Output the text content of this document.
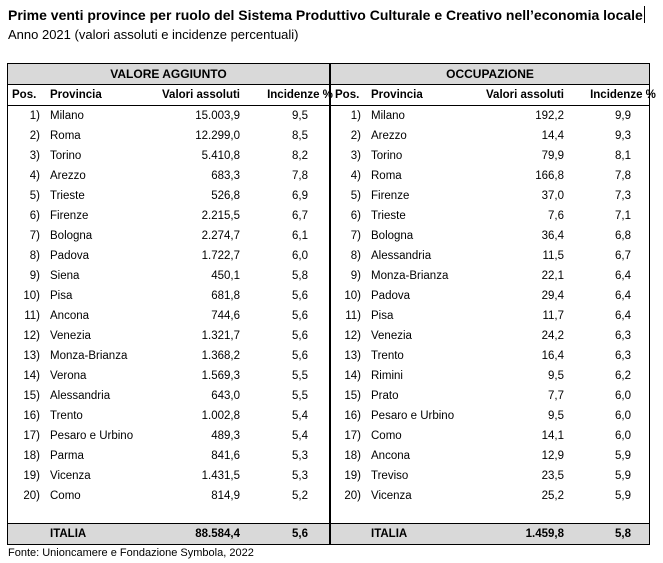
Prime venti province per ruolo del Sistema Produttivo Culturale e Creativo nell’economia locale
Anno 2021 (valori assoluti e incidenze percentuali)
VALORE AGGIUNTO
Pos. Provincia	Valori assoluti	Incidenze %
1) Milano	15.003,9	9,5
2) Roma	12.299,0	8,5
3) Torino	5.410,8	8,2
4) Arezzo	683,3	7,8
5) Trieste	526,8	6,9
6) Firenze	2.215,5	6,7
7) Bologna	2.274,7	6,1
8) Padova	1.722,7	6,0
9) Siena	450,1	5,8
10) Pisa	681,8	5,6
11) Ancona	744,6	5,6
12) Venezia	1.321,7	5,6
13) Monza-Brianza	1.368,2	5,6
14) Verona	1.569,3	5,5
15) Alessandria	643,0	5,5
16) Trento	1.002,8	5,4
17) Pesaro e Urbino	489,3	5,4
18) Parma	841,6	5,3
19) Vicenza	1.431,5	5,3
20) Como	814,9	5,2
ITALIA	88.584,4	5,6
OCCUPAZIONE
Pos. Provincia	Valori assoluti	Incidenze %
1) Milano	192,2	9,9
2) Arezzo	14,4	9,3
3) Torino	79,9	8,1
4) Roma	166,8	7,8
5) Firenze	37,0	7,3
6) Trieste	7,6	7,1
7) Bologna	36,4	6,8
8) Alessandria	11,5	6,7
9) Monza-Brianza	22,1	6,4
10) Padova	29,4	6,4
11) Pisa	11,7	6,4
12) Venezia	24,2	6,3
13) Trento	16,4	6,3
14) Rimini	9,5	6,2
15) Prato	7,7	6,0
16) Pesaro e Urbino	9,5	6,0
17) Como	14,1	6,0
18) Ancona	12,9	5,9
19) Treviso	23,5	5,9
20) Vicenza	25,2	5,9
ITALIA	1.459,8	5,8
Fonte: Unioncamere e Fondazione Symbola, 2022
